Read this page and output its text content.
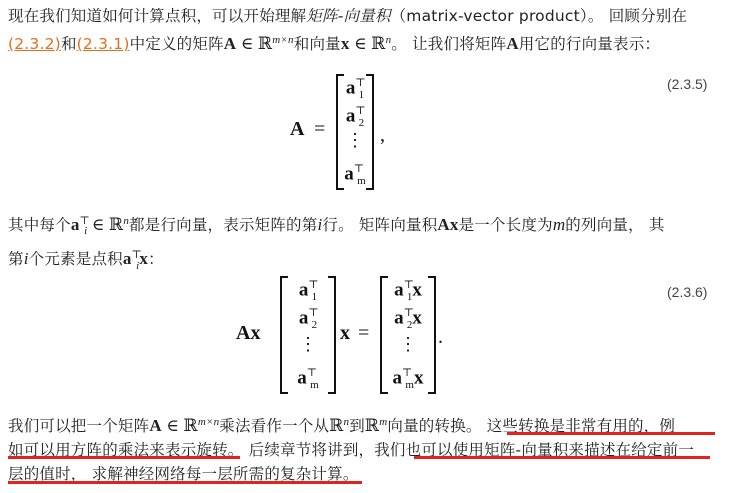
现在我们知道如何计算点积，可以开始理解矩阵-向量积（matrix-vector product）。 回顾分别在
(2.3.2)和(2.3.1)中定义的矩阵A ∈ ℝ$^{m\times n}$和向量x ∈ ℝ$^n$。 让我们将矩阵A用它的行向量表示：
A =
$a^⊤_1$
$a^⊤_2$
⋮
$a^⊤_m$
,
(2.3.5)
其中每个$a^⊤_i$ ∈ ℝ$^n$都是行向量，表示矩阵的第i行。 矩阵向量积Ax是一个长度为m的列向量， 其
第i个元素是点积$a^⊤_ix$：
Ax
$a^⊤_1$
$a^⊤_2$
⋮
$a^⊤_m$
x =
$a^⊤_1x$
$a^⊤_2x$
⋮
$a^⊤_mx$
.
(2.3.6)
我们可以把一个矩阵A ∈ ℝ$^{m\times n}$乘法看作一个从ℝ$^n$到ℝ$^m$向量的转换。 这些转换是非常有用的，例
如可以用方阵的乘法来表示旋转。 后续章节将讲到，我们也可以使用矩阵-向量积来描述在给定前一
层的值时， 求解神经网络每一层所需的复杂计算。
